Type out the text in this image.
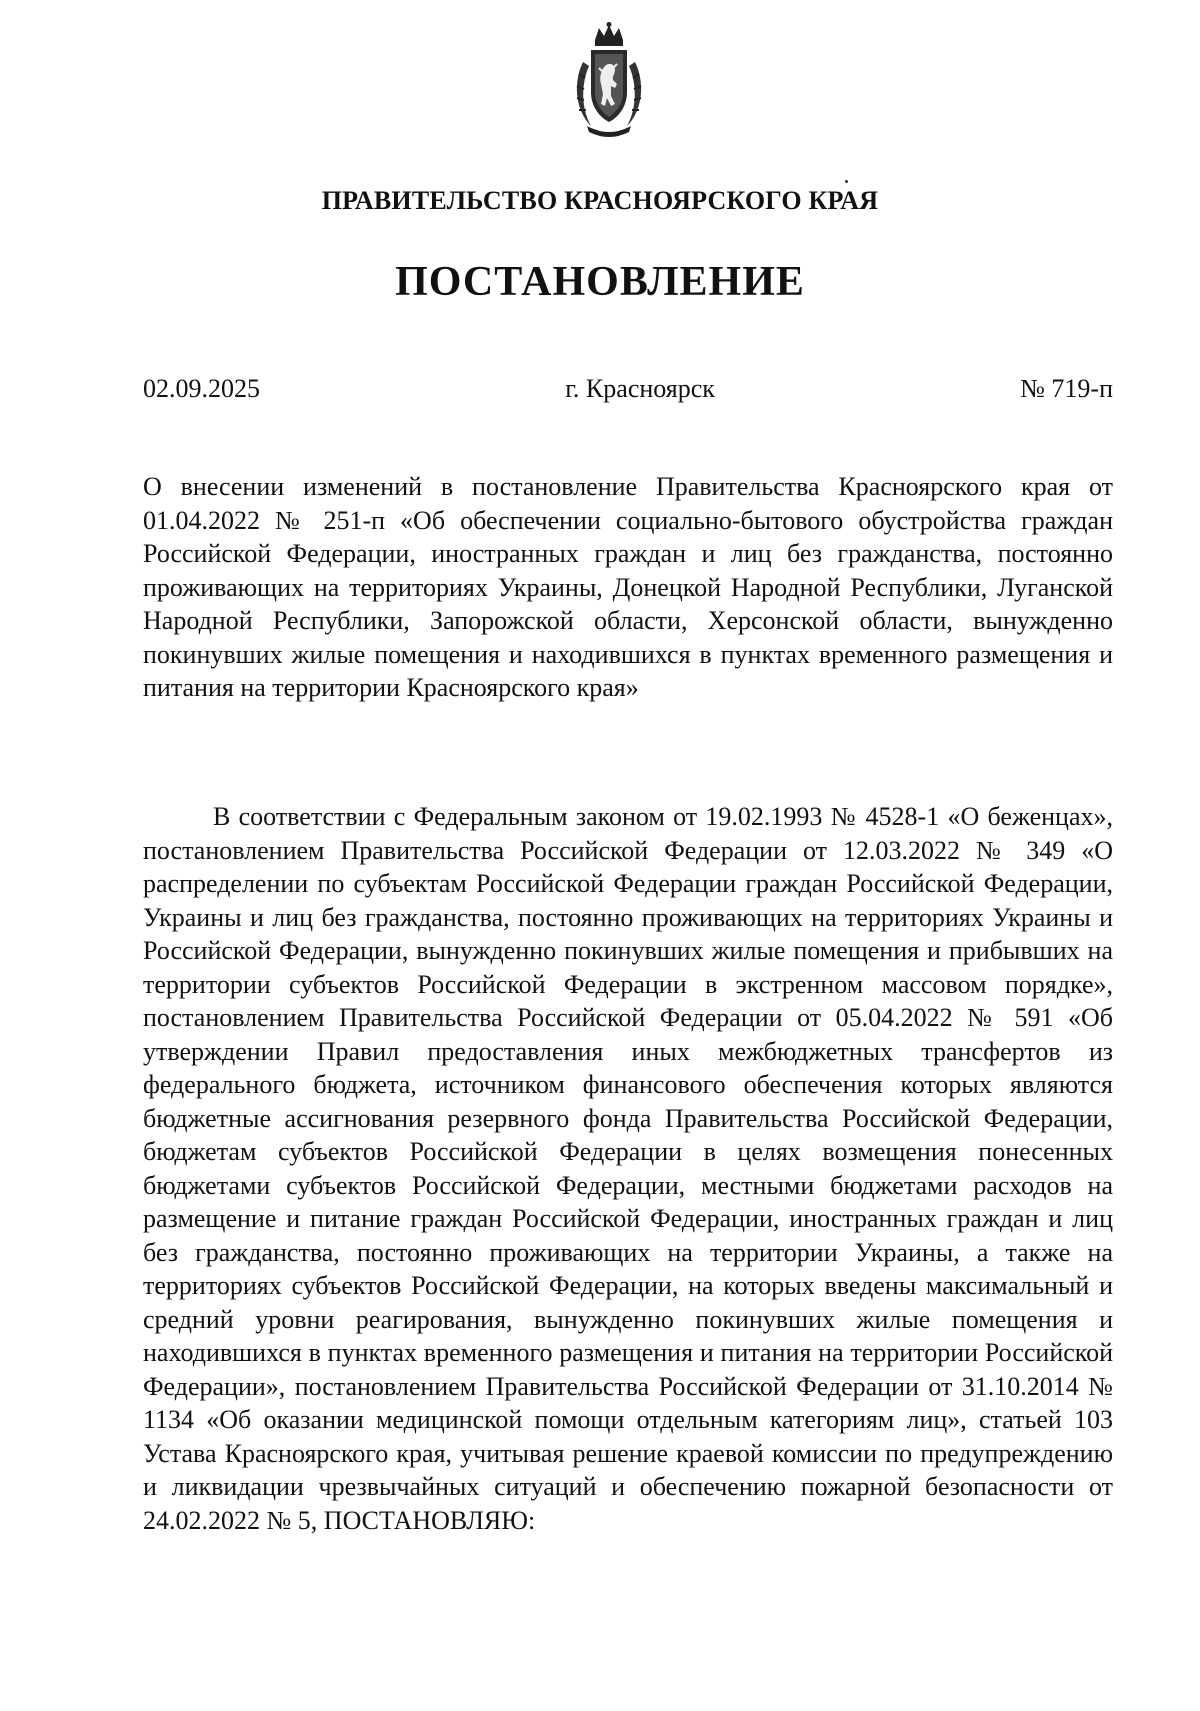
ПРАВИТЕЛЬСТВО КРАСНОЯРСКОГО КРАЯ
ПОСТАНОВЛЕНИЕ
02.09.2025	г. Красноярск	№ 719-п
О внесении изменений в постановление Правительства Красноярского края от 01.04.2022 № 251-п «Об обеспечении социально-бытового обустройства граждан Российской Федерации, иностранных граждан и лиц без гражданства, постоянно проживающих на территориях Украины, Донецкой Народной Республики, Луганской Народной Республики, Запорожской области, Херсонской области, вынужденно покинувших жилые помещения и находившихся в пунктах временного размещения и питания на территории Красноярского края»
В соответствии с Федеральным законом от 19.02.1993 № 4528-1 «О беженцах», постановлением Правительства Российской Федерации от 12.03.2022 № 349 «О распределении по субъектам Российской Федерации граждан Российской Федерации, Украины и лиц без гражданства, постоянно проживающих на территориях Украины и Российской Федерации, вынужденно покинувших жилые помещения и прибывших на территории субъектов Российской Федерации в экстренном массовом порядке», постановлением Правительства Российской Федерации от 05.04.2022 № 591 «Об утверждении Правил предоставления иных межбюджетных трансфертов из федерального бюджета, источником финансового обеспечения которых являются бюджетные ассигнования резервного фонда Правительства Российской Федерации, бюджетам субъектов Российской Федерации в целях возмещения понесенных бюджетами субъектов Российской Федерации, местными бюджетами расходов на размещение и питание граждан Российской Федерации, иностранных граждан и лиц без гражданства, постоянно проживающих на территории Украины, а также на территориях субъектов Российской Федерации, на которых введены максимальный и средний уровни реагирования, вынужденно покинувших жилые помещения и находившихся в пунктах временного размещения и питания на территории Российской Федерации», постановлением Правительства Российской Федерации от 31.10.2014 № 1134 «Об оказании медицинской помощи отдельным категориям лиц», статьей 103 Устава Красноярского края, учитывая решение краевой комиссии по предупреждению и ликвидации чрезвычайных ситуаций и обеспечению пожарной безопасности от 24.02.2022 № 5, ПОСТАНОВЛЯЮ:
